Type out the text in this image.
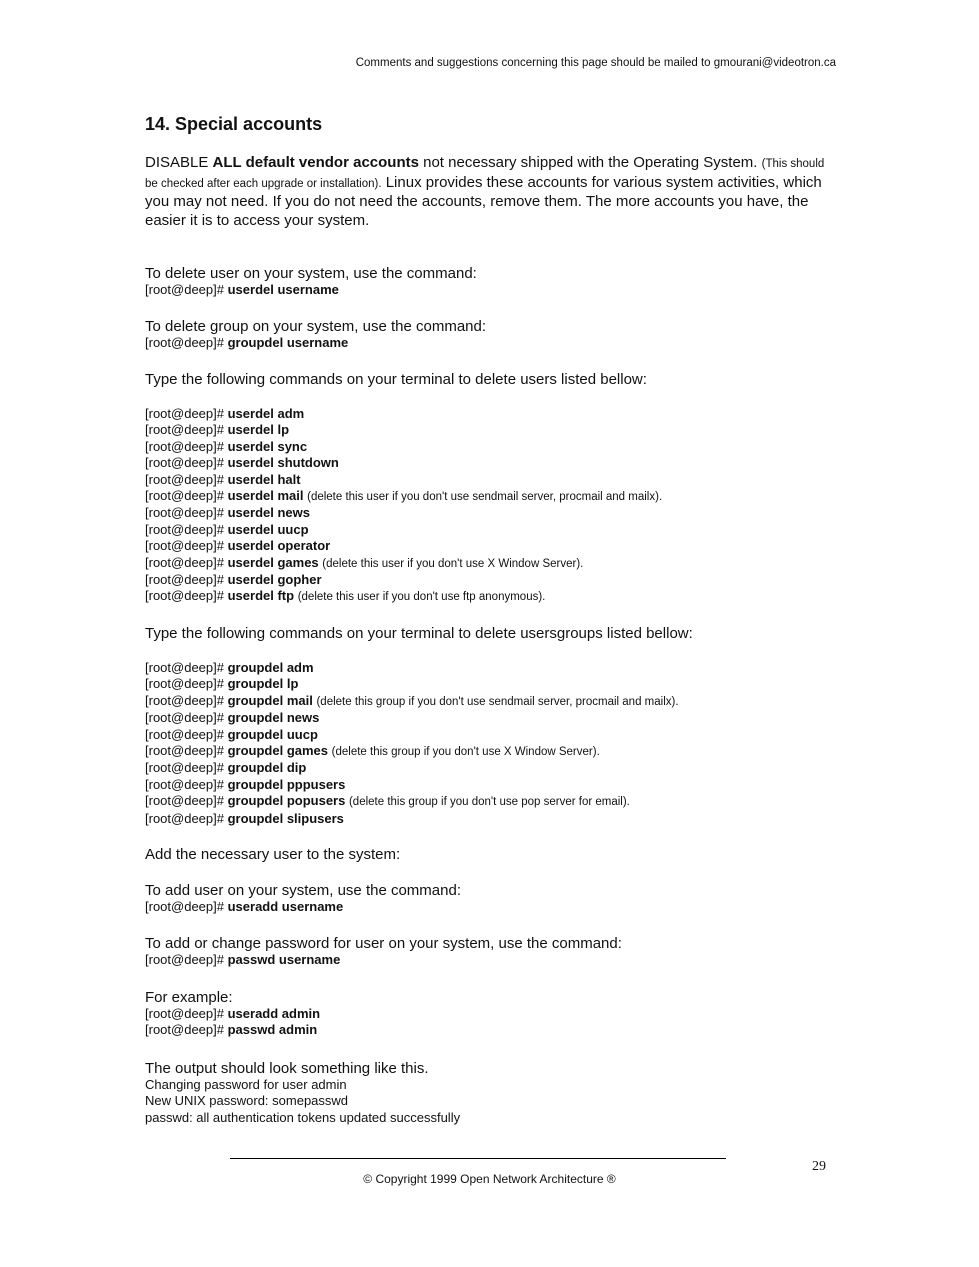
Comments and suggestions concerning this page should be mailed to gmourani@videotron.ca
14. Special accounts
DISABLE ALL default vendor accounts not necessary shipped with the Operating System. (This should be checked after each upgrade or installation). Linux provides these accounts for various system activities, which you may not need. If you do not need the accounts, remove them. The more accounts you have, the easier it is to access your system.

To delete user on your system, use the command:

[root@deep]# userdel username

To delete group on your system, use the command:

[root@deep]# groupdel username

Type the following commands on your terminal to delete users listed bellow:

[root@deep]# userdel adm

[root@deep]# userdel lp

[root@deep]# userdel sync

[root@deep]# userdel shutdown

[root@deep]# userdel halt

[root@deep]# userdel mail (delete this user if you don't use sendmail server, procmail and mailx).

[root@deep]# userdel news

[root@deep]# userdel uucp

[root@deep]# userdel operator

[root@deep]# userdel games (delete this user if you don't use X Window Server).

[root@deep]# userdel gopher

[root@deep]# userdel ftp (delete this user if you don't use ftp anonymous).

Type the following commands on your terminal to delete usersgroups listed bellow:

[root@deep]# groupdel adm

[root@deep]# groupdel lp

[root@deep]# groupdel mail (delete this group if you don't use sendmail server, procmail and mailx).

[root@deep]# groupdel news

[root@deep]# groupdel uucp

[root@deep]# groupdel games (delete this group if you don't use X Window Server).

[root@deep]# groupdel dip

[root@deep]# groupdel pppusers

[root@deep]# groupdel popusers (delete this group if you don't use pop server for email).

[root@deep]# groupdel slipusers

Add the necessary user to the system:

To add user on your system, use the command:

[root@deep]# useradd username

To add or change password for user on your system, use the command:

[root@deep]# passwd username

For example:

[root@deep]# useradd admin

[root@deep]# passwd admin

The output should look something like this.

Changing password for user admin

New UNIX password: somepasswd

passwd: all authentication tokens updated successfully

29
© Copyright 1999 Open Network Architecture ®
